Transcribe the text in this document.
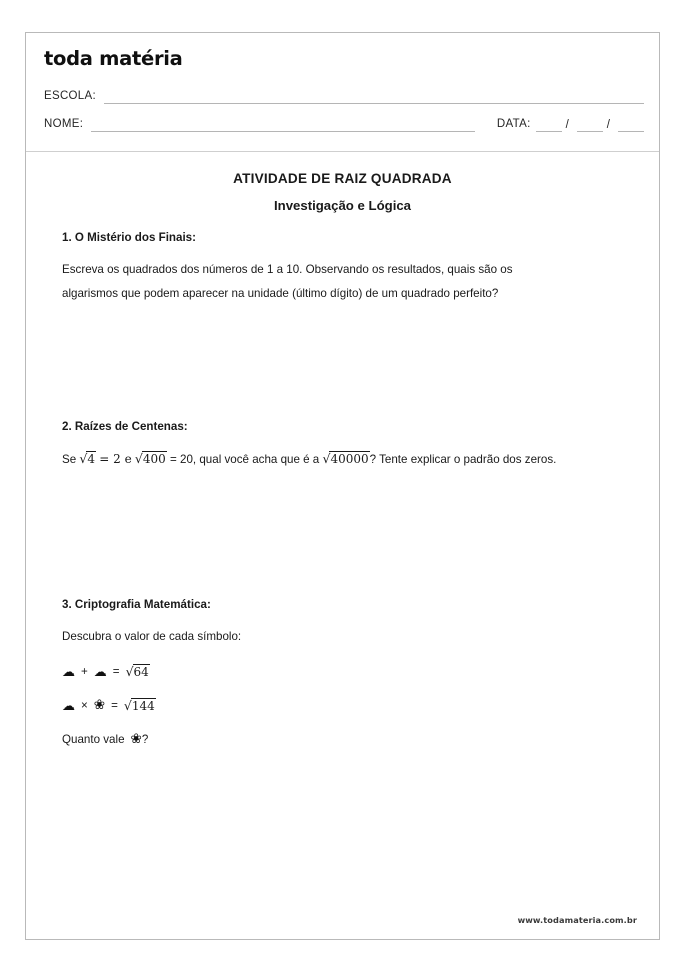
toda matéria
ESCOLA:
NOME:	DATA:	/	/
ATIVIDADE DE RAIZ QUADRADA
Investigação e Lógica
1. O Mistério dos Finais:
Escreva os quadrados dos números de 1 a 10. Observando os resultados, quais são os
algarismos que podem aparecer na unidade (último dígito) de um quadrado perfeito?
2. Raízes de Centenas:
Se √4 = 2 e √400 = 20, qual você acha que é a √40000? Tente explicar o padrão dos zeros.
3. Criptografia Matemática:
Descubra o valor de cada símbolo:
☁ + ☁ = √64
☁ × ❀ = √144
Quanto vale ❀ ?
www.todamateria.com.br
